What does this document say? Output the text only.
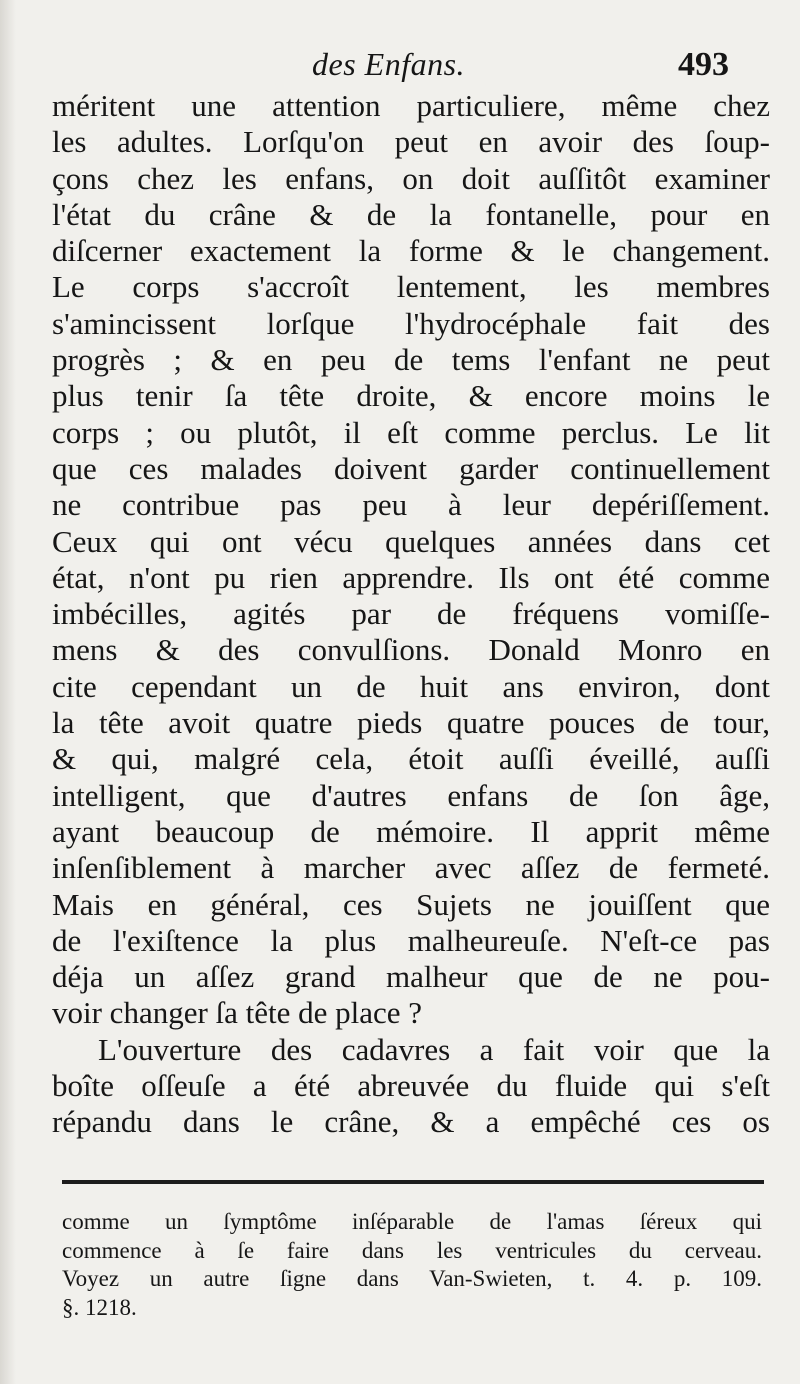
des Enfans.	493
méritent une attention particuliere, même chez
les adultes. Lorſqu'on peut en avoir des ſoup-
çons chez les enfans, on doit auſſitôt examiner
l'état du crâne & de la fontanelle, pour en
diſcerner exactement la forme & le changement.
Le corps s'accroît lentement, les membres
s'amincissent lorſque l'hydrocéphale fait des
progrès ; & en peu de tems l'enfant ne peut
plus tenir ſa tête droite, & encore moins le
corps ; ou plutôt, il eſt comme perclus. Le lit
que ces malades doivent garder continuellement
ne contribue pas peu à leur depériſſement.
Ceux qui ont vécu quelques années dans cet
état, n'ont pu rien apprendre. Ils ont été comme
imbécilles, agités par de fréquens vomiſſe-
mens & des convulſions. Donald Monro en
cite cependant un de huit ans environ, dont
la tête avoit quatre pieds quatre pouces de tour,
& qui, malgré cela, étoit auſſi éveillé, auſſi
intelligent, que d'autres enfans de ſon âge,
ayant beaucoup de mémoire. Il apprit même
inſenſiblement à marcher avec aſſez de fermeté.
Mais en général, ces Sujets ne jouiſſent que
de l'exiſtence la plus malheureuſe. N'eſt-ce pas
déja un aſſez grand malheur que de ne pou-
voir changer ſa tête de place ?
L'ouverture des cadavres a fait voir que la
boîte oſſeuſe a été abreuvée du fluide qui s'eſt
répandu dans le crâne, & a empêché ces os
comme un ſymptôme inſéparable de l'amas ſéreux qui
commence à ſe faire dans les ventricules du cerveau.
Voyez un autre ſigne dans Van-Swieten, t. 4. p. 109.
§. 1218.
